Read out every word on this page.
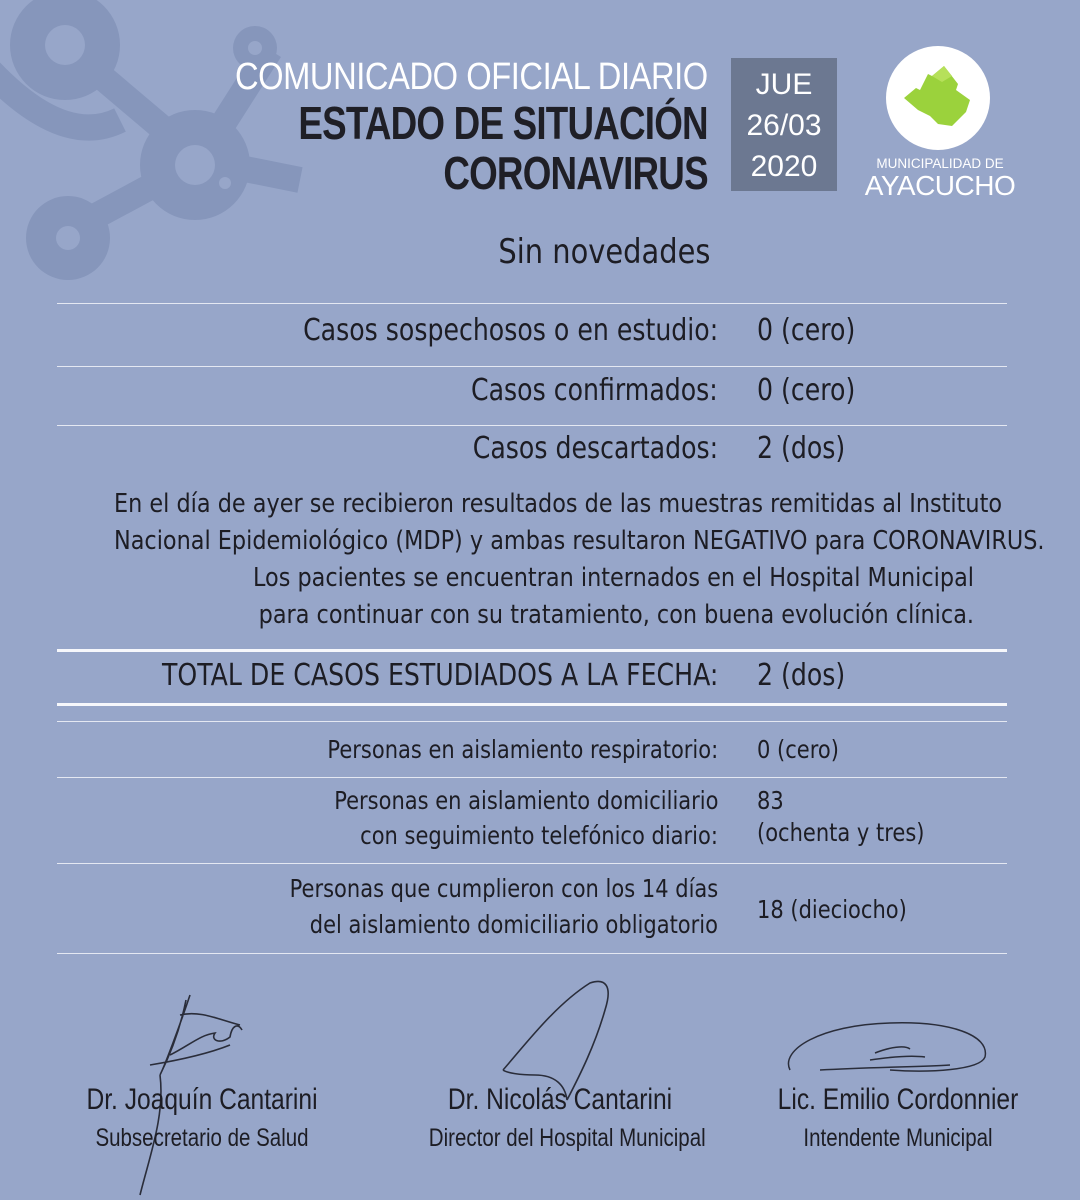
COMUNICADO OFICIAL DIARIO
ESTADO DE SITUACIÓN
CORONAVIRUS
JUE
26/03
2020	MUNICIPALIDAD DE
AYACUCHO
Sin novedades
Casos sospechosos o en estudio: 0 (cero)
Casos confirmados: 0 (cero)
Casos descartados: 2 (dos)
En el día de ayer se recibieron resultados de las muestras remitidas al Instituto
Nacional Epidemiológico (MDP) y ambas resultaron NEGATIVO para CORONAVIRUS.
Los pacientes se encuentran internados en el Hospital Municipal
para continuar con su tratamiento, con buena evolución clínica.
TOTAL DE CASOS ESTUDIADOS A LA FECHA: 2 (dos)
Personas en aislamiento respiratorio: 0 (cero)
Personas en aislamiento domiciliario
con seguimiento telefónico diario:
83
(ochenta y tres)
Personas que cumplieron con los 14 días
del aislamiento domiciliario obligatorio
18 (dieciocho)
Dr. Joaquín Cantarini
Subsecretario de Salud
Dr. Nicolás Cantarini
Director del Hospital Municipal
Lic. Emilio Cordonnier
Intendente Municipal
